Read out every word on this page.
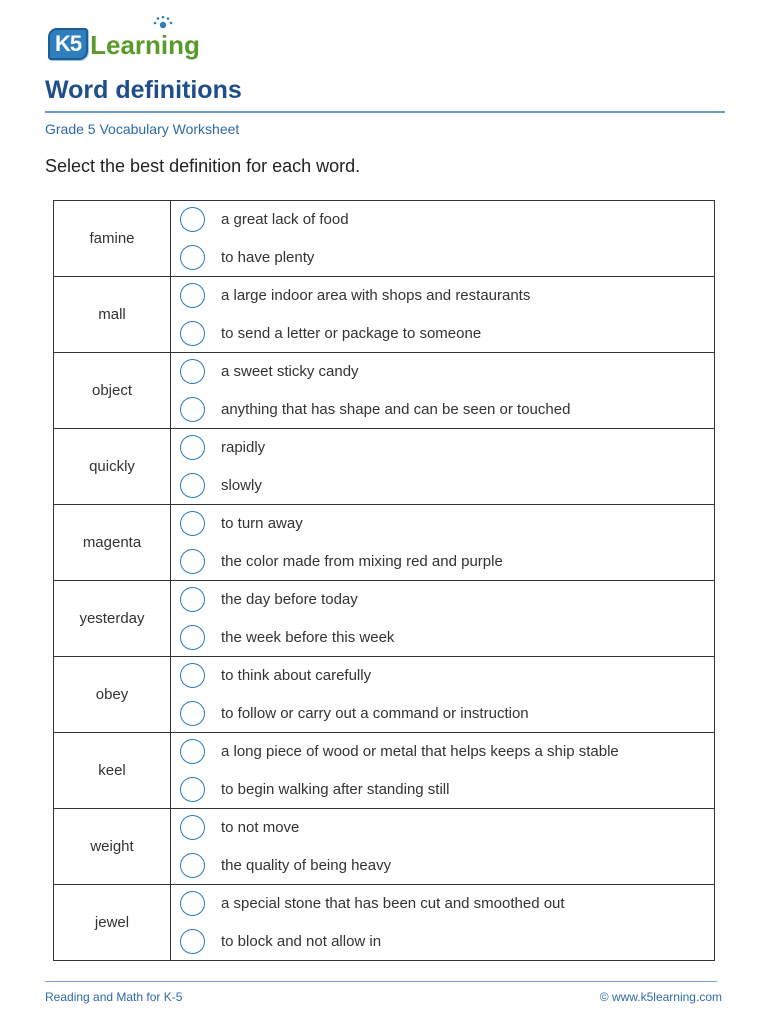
K5 Learning
Word definitions
Grade 5 Vocabulary Worksheet
Select the best definition for each word.
famine	a great lack of food
to have plenty

mall	a large indoor area with shops and restaurants
to send a letter or package to someone

object	a sweet sticky candy
anything that has shape and can be seen or touched

quickly	rapidly
slowly

magenta	to turn away
the color made from mixing red and purple

yesterday	the day before today
the week before this week

obey	to think about carefully
to follow or carry out a command or instruction

keel	a long piece of wood or metal that helps keeps a ship stable
to begin walking after standing still

weight	to not move
the quality of being heavy

jewel	a special stone that has been cut and smoothed out
to block and not allow in
Reading and Math for K-5	© www.k5learning.com
